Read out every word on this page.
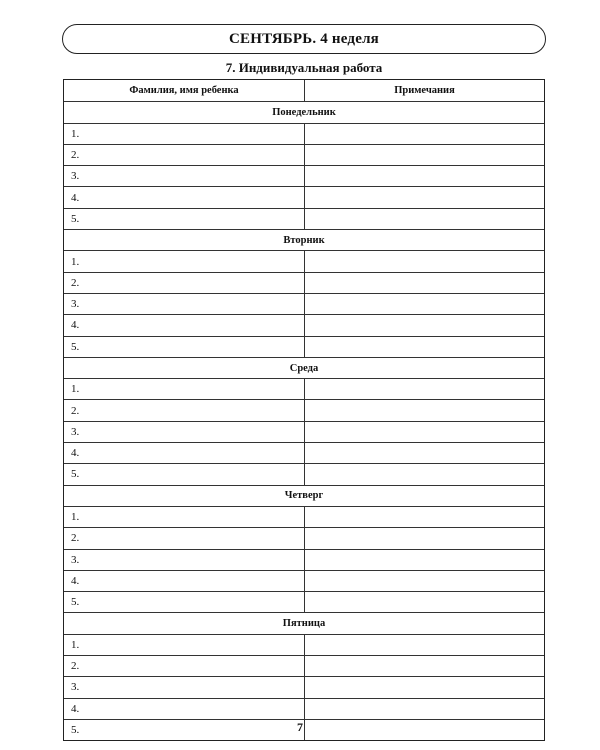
СЕНТЯБРЬ. 4 неделя
7. Индивидуальная работа
Фамилия, имя ребенка	Примечания
Понедельник
1.
2.
3.
4.
5.
Вторник
1.
2.
3.
4.
5.
Среда
1.
2.
3.
4.
5.
Четверг
1.
2.
3.
4.
5.
Пятница
1.
2.
3.
4.
5.	7
